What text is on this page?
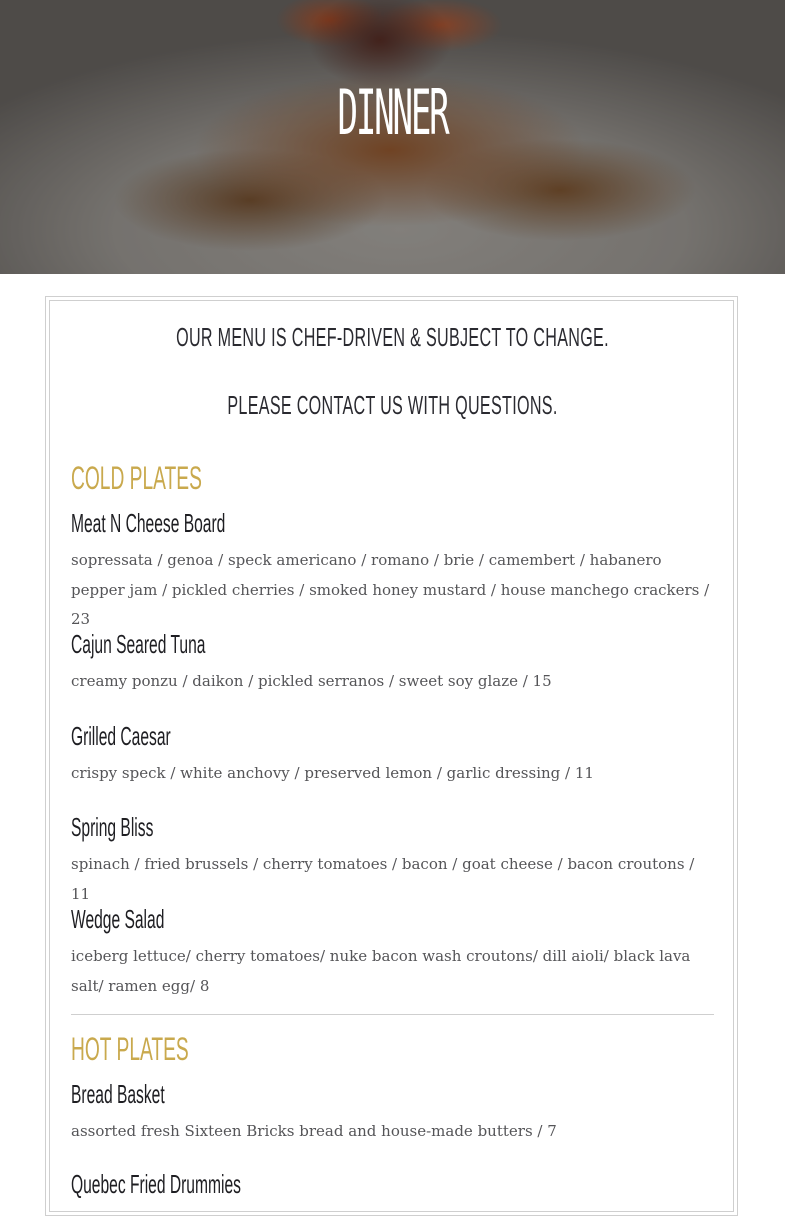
DINNER
OUR MENU IS CHEF-DRIVEN & SUBJECT TO CHANGE.
PLEASE CONTACT US WITH QUESTIONS.
COLD PLATES
Meat N Cheese Board
sopressata / genoa / speck americano / romano / brie / camembert / habanero pepper jam / pickled cherries / smoked honey mustard / house manchego crackers / 23
Cajun Seared Tuna
creamy ponzu / daikon / pickled serranos / sweet soy glaze / 15
Grilled Caesar
crispy speck / white anchovy / preserved lemon / garlic dressing / 11
Spring Bliss
spinach / fried brussels / cherry tomatoes / bacon / goat cheese / bacon croutons / 11
Wedge Salad
iceberg lettuce/ cherry tomatoes/ nuke bacon wash croutons/ dill aioli/ black lava salt/ ramen egg/ 8
HOT PLATES
Bread Basket
assorted fresh Sixteen Bricks bread and house-made butters / 7
Quebec Fried Drummies
